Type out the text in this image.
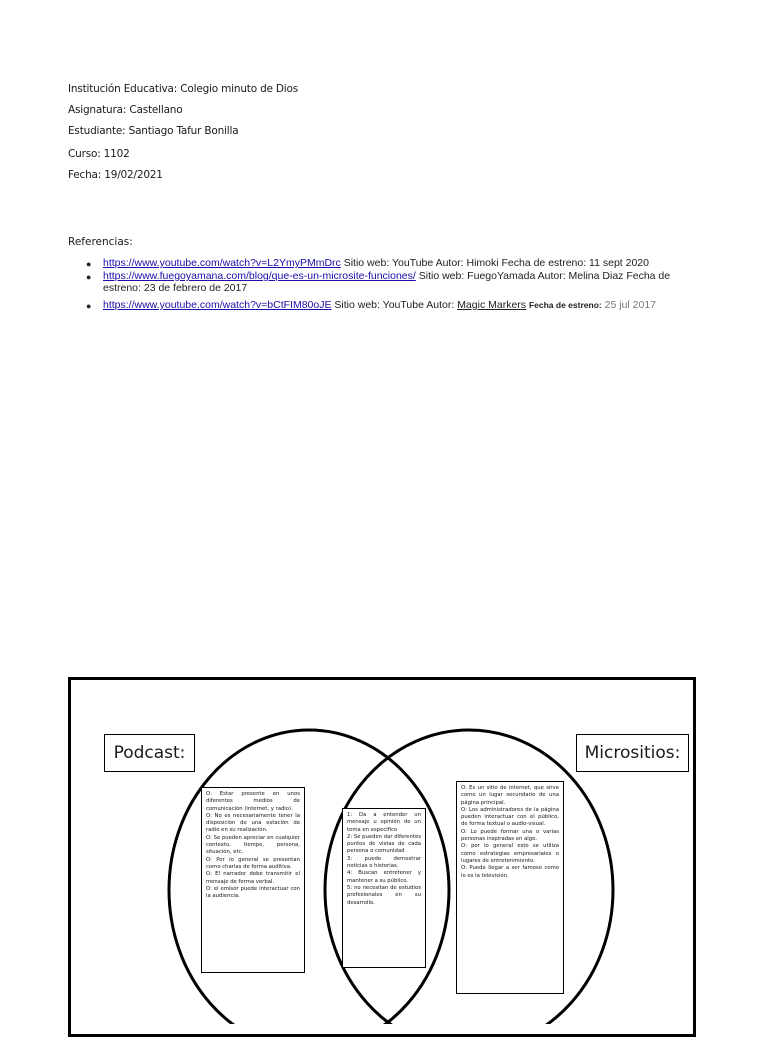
Institución Educativa: Colegio minuto de Dios
Asignatura: Castellano
Estudiante: Santiago Tafur Bonilla
Curso: 1102
Fecha: 19/02/2021
Referencias:
● https://www.youtube.com/watch?v=L2YmyPMmDrc Sitio web: YouTube Autor: Himoki Fecha de estreno: 11 sept 2020
● https://www.fuegoyamana.com/blog/que-es-un-microsite-funciones/ Sitio web: FuegoYamada Autor: Melina Diaz Fecha de estreno: 23 de febrero de 2017
● https://www.youtube.com/watch?v=bCtFIM80oJE Sitio web: YouTube Autor: Magic Markers Fecha de estreno: 25 jul 2017
Podcast:	Micrositios:

O: Estar presente en unos diferentes medios de comunicación (internet, y radio).

O: No es necesariamente tener la disposición de una estación de radio en su realización.

O: Se pueden apreciar en cualquier contexto, tiempo, persona, situación, etc.

O: Por lo general se presentan como charlas de forma auditiva.

O: El narrador debe transmitir el mensaje de forma verbal.

O: el emisor puede interactuar con la audiencia.

1: Da a entender un mensaje u opinión de un tema en específico

2: Se pueden dar diferentes puntos de vistas de cada persona o comunidad

3: puede demostrar noticias o historias.

4: Buscan entretener y mantener a su público.

5: no necesitan de estudios profesionales en su desarrollo.

O: Es un sitio de internet, que sirve como un lugar secundario de una página principal.

O: Los administradores de la página pueden interactuar con el público, de forma textual o audio-visual.

O: Lo puede formar una o varias personas inspiradas en algo.

O: por lo general esto se utiliza como estrategias empresariales o lugares de entretenimiento.

O: Puede llegar a ser famoso como lo es la televisión.
